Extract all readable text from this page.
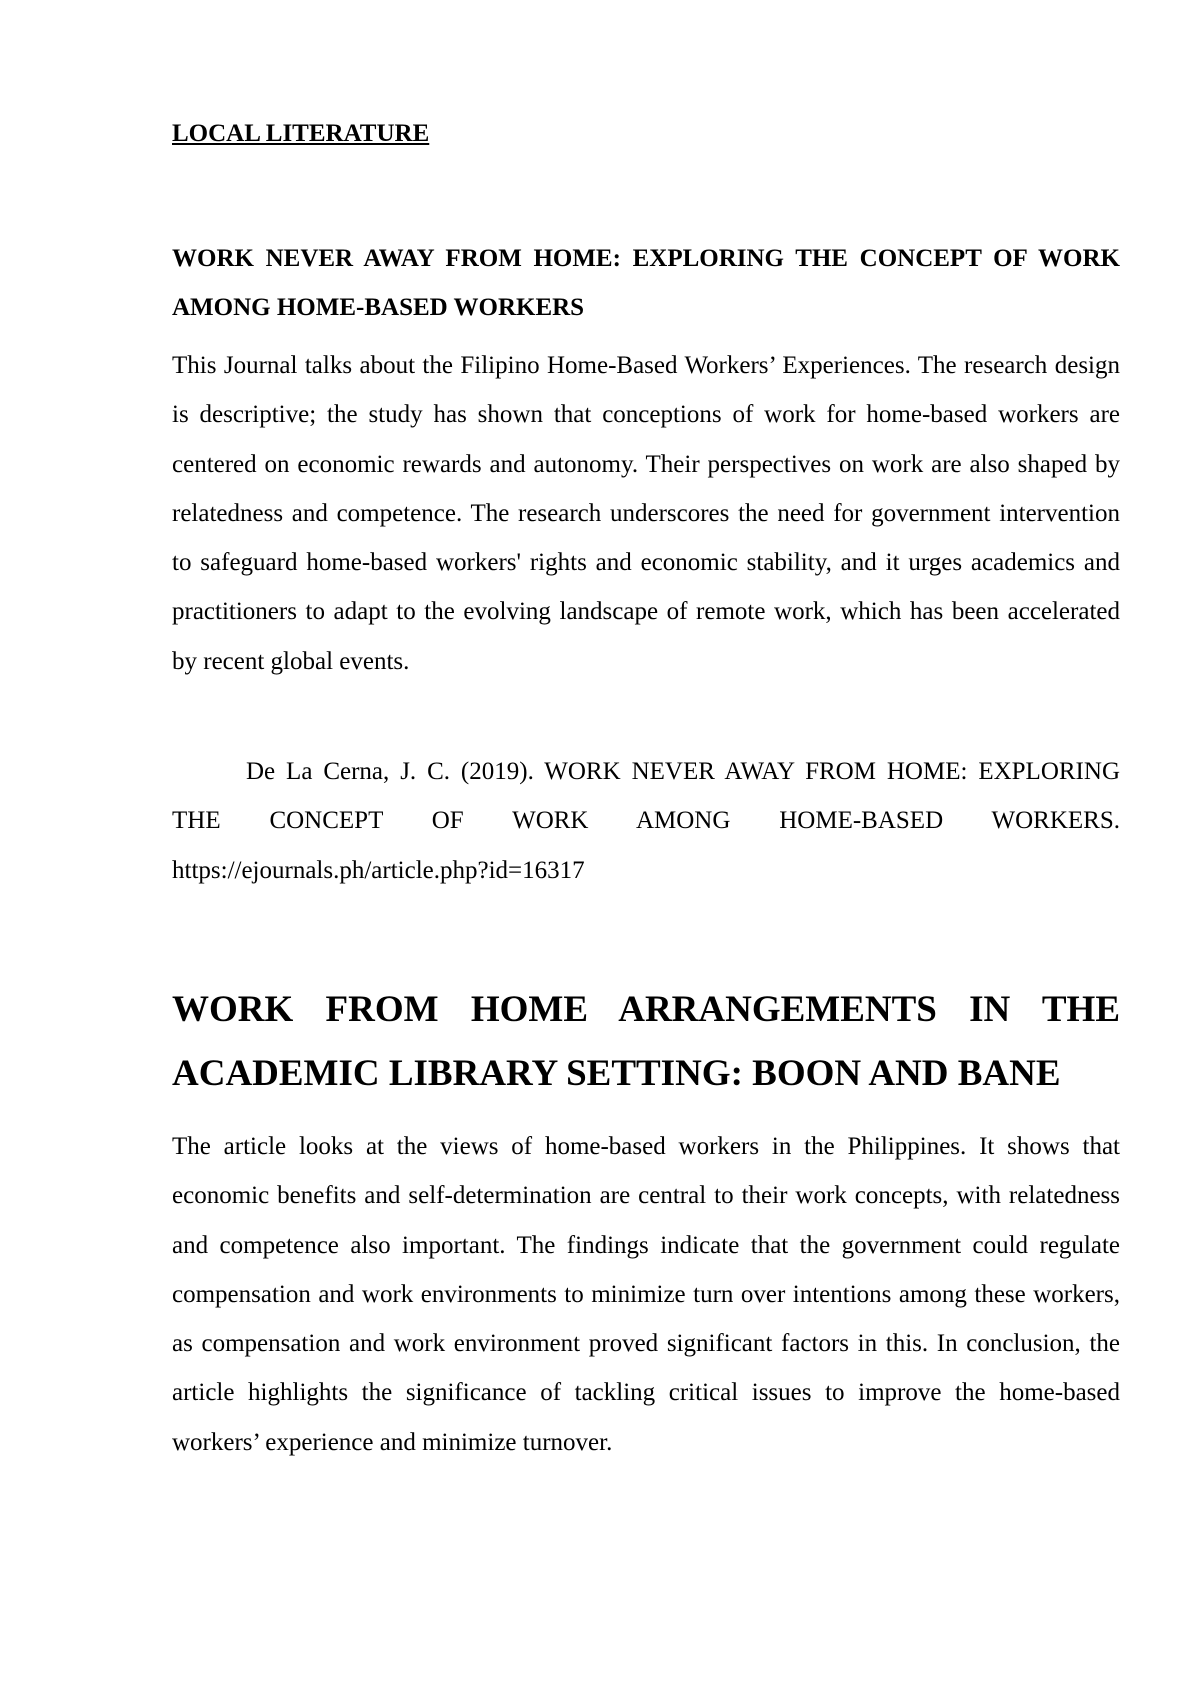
LOCAL LITERATURE

WORK NEVER AWAY FROM HOME: EXPLORING THE CONCEPT OF WORK AMONG HOME-BASED WORKERS

This Journal talks about the Filipino Home-Based Workers’ Experiences. The research design is descriptive; the study has shown that conceptions of work for home-based workers are centered on economic rewards and autonomy. Their perspectives on work are also shaped by relatedness and competence. The research underscores the need for government intervention to safeguard home-based workers' rights and economic stability, and it urges academics and practitioners to adapt to the evolving landscape of remote work, which has been accelerated by recent global events.

De La Cerna, J. C. (2019). WORK NEVER AWAY FROM HOME: EXPLORING THE CONCEPT OF WORK AMONG HOME-BASED WORKERS. https://ejournals.ph/article.php?id=16317

WORK FROM HOME ARRANGEMENTS IN THE ACADEMIC LIBRARY SETTING: BOON AND BANE

The article looks at the views of home-based workers in the Philippines. It shows that economic benefits and self-determination are central to their work concepts, with relatedness and competence also important. The findings indicate that the government could regulate compensation and work environments to minimize turn over intentions among these workers, as compensation and work environment proved significant factors in this. In conclusion, the article highlights the significance of tackling critical issues to improve the home-based workers’ experience and minimize turnover.
